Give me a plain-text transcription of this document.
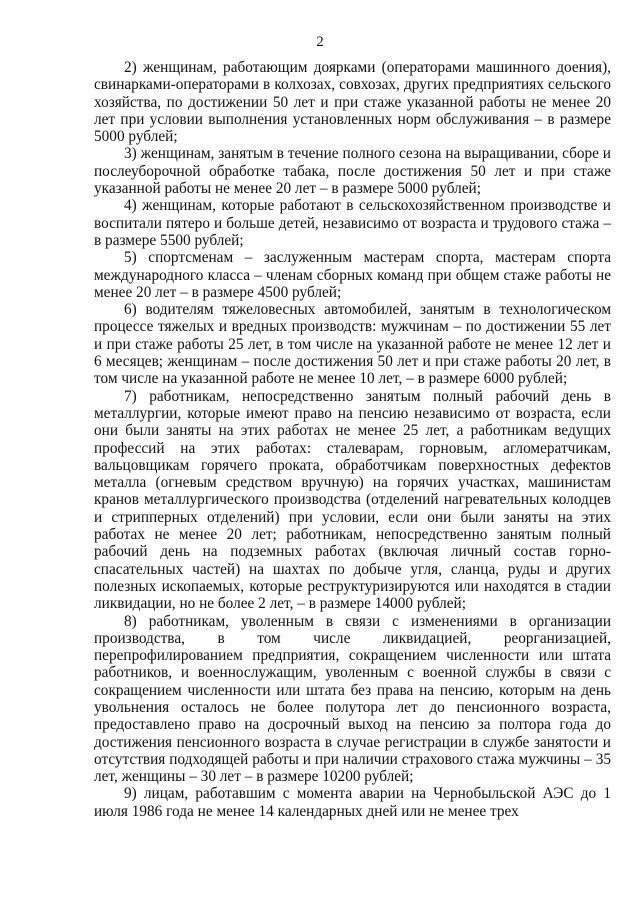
2

2) женщинам, работающим доярками (операторами машинного доения), свинарками-операторами в колхозах, совхозах, других предприятиях сельского хозяйства, по достижении 50 лет и при стаже указанной работы не менее 20 лет при условии выполнения установленных норм обслуживания – в размере 5000 рублей;

3) женщинам, занятым в течение полного сезона на выращивании, сборе и послеуборочной обработке табака, после достижения 50 лет и при стаже указанной работы не менее 20 лет – в размере 5000 рублей;

4) женщинам, которые работают в сельскохозяйственном производстве и воспитали пятеро и больше детей, независимо от возраста и трудового стажа – в размере 5500 рублей;

5) спортсменам – заслуженным мастерам спорта, мастерам спорта международного класса – членам сборных команд при общем стаже работы не менее 20 лет – в размере 4500 рублей;

6) водителям тяжеловесных автомобилей, занятым в технологическом процессе тяжелых и вредных производств: мужчинам – по достижении 55 лет и при стаже работы 25 лет, в том числе на указанной работе не менее 12 лет и 6 месяцев; женщинам – после достижения 50 лет и при стаже работы 20 лет, в том числе на указанной работе не менее 10 лет, – в размере 6000 рублей;

7) работникам, непосредственно занятым полный рабочий день в металлургии, которые имеют право на пенсию независимо от возраста, если они были заняты на этих работах не менее 25 лет, а работникам ведущих профессий на этих работах: сталеварам, горновым, агломератчикам, вальцовщикам горячего проката, обработчикам поверхностных дефектов металла (огневым средством вручную) на горячих участках, машинистам кранов металлургического производства (отделений нагревательных колодцев и стрипперных отделений) при условии, если они были заняты на этих работах не менее 20 лет; работникам, непосредственно занятым полный рабочий день на подземных работах (включая личный состав горно-спасательных частей) на шахтах по добыче угля, сланца, руды и других полезных ископаемых, которые реструктуризируются или находятся в стадии ликвидации, но не более 2 лет, – в размере 14000 рублей;

8) работникам, уволенным в связи с изменениями в организации производства, в том числе ликвидацией, реорганизацией, перепрофилированием предприятия, сокращением численности или штата работников, и военнослужащим, уволенным с военной службы в связи с сокращением численности или штата без права на пенсию, которым на день увольнения осталось не более полутора лет до пенсионного возраста, предоставлено право на досрочный выход на пенсию за полтора года до достижения пенсионного возраста в случае регистрации в службе занятости и отсутствия подходящей работы и при наличии страхового стажа мужчины – 35 лет, женщины – 30 лет – в размере 10200 рублей;

9) лицам, работавшим с момента аварии на Чернобыльской АЭС до 1 июля 1986 года не менее 14 календарных дней или не менее трех
